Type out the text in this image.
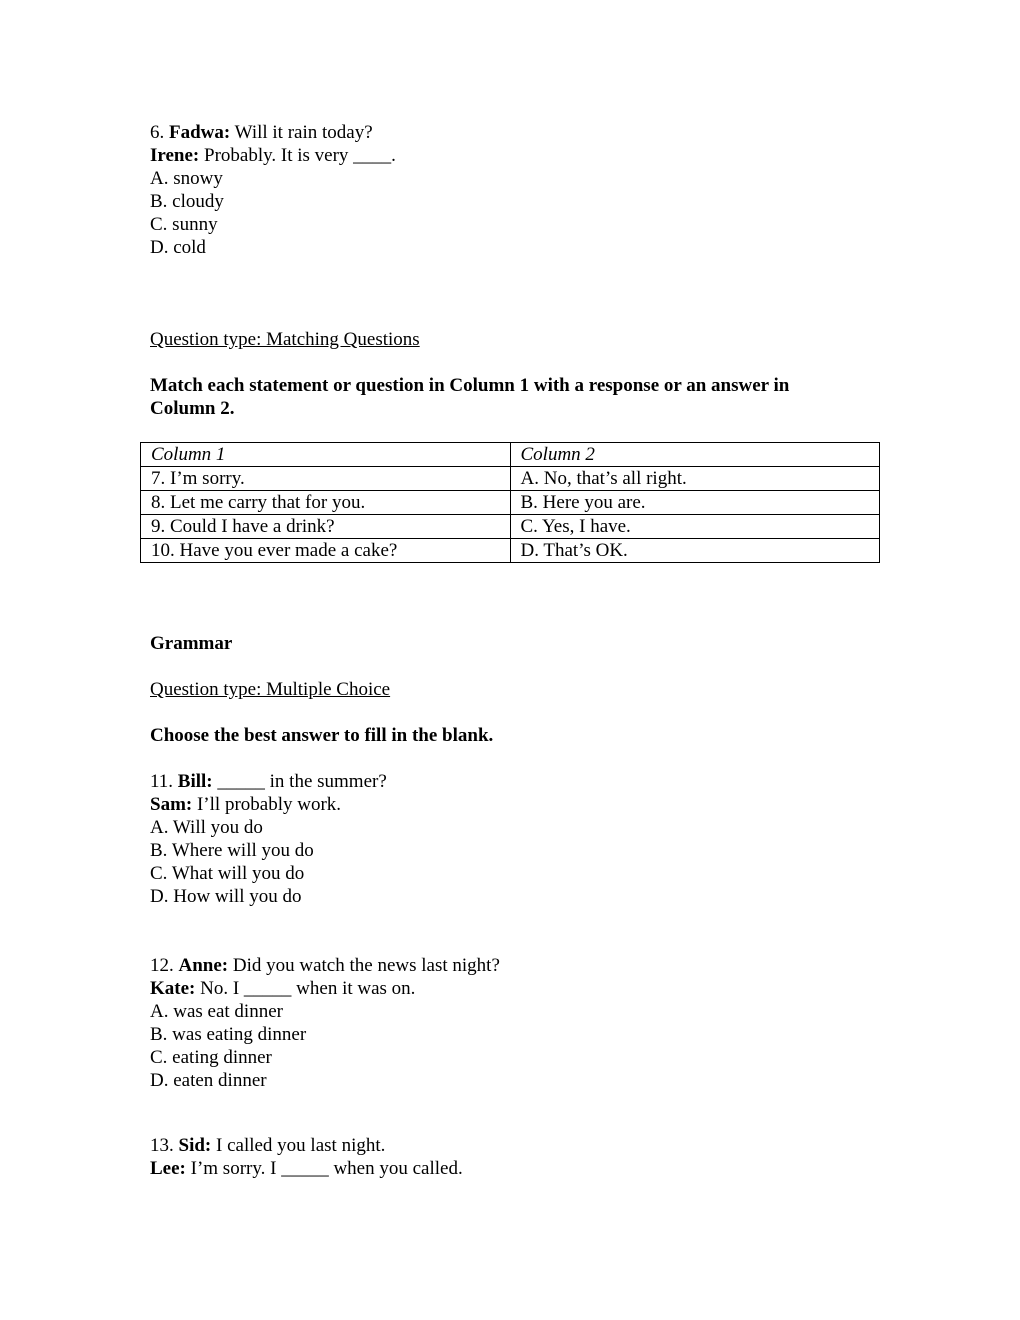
6. Fadwa: Will it rain today?
Irene: Probably. It is very ____.
A. snowy
B. cloudy
C. sunny
D. cold
Question type: Matching Questions
Match each statement or question in Column 1 with a response or an answer in
Column 2.
Column 1	Column 2
7. I’m sorry.	A. No, that’s all right.
8. Let me carry that for you.	B. Here you are.
9. Could I have a drink?	C. Yes, I have.
10. Have you ever made a cake?	D. That’s OK.
Grammar
Question type: Multiple Choice
Choose the best answer to fill in the blank.
11. Bill: _____ in the summer?
Sam: I’ll probably work.
A. Will you do
B. Where will you do
C. What will you do
D. How will you do
12. Anne: Did you watch the news last night?
Kate: No. I _____ when it was on.
A. was eat dinner
B. was eating dinner
C. eating dinner
D. eaten dinner
13. Sid: I called you last night.
Lee: I’m sorry. I _____ when you called.
